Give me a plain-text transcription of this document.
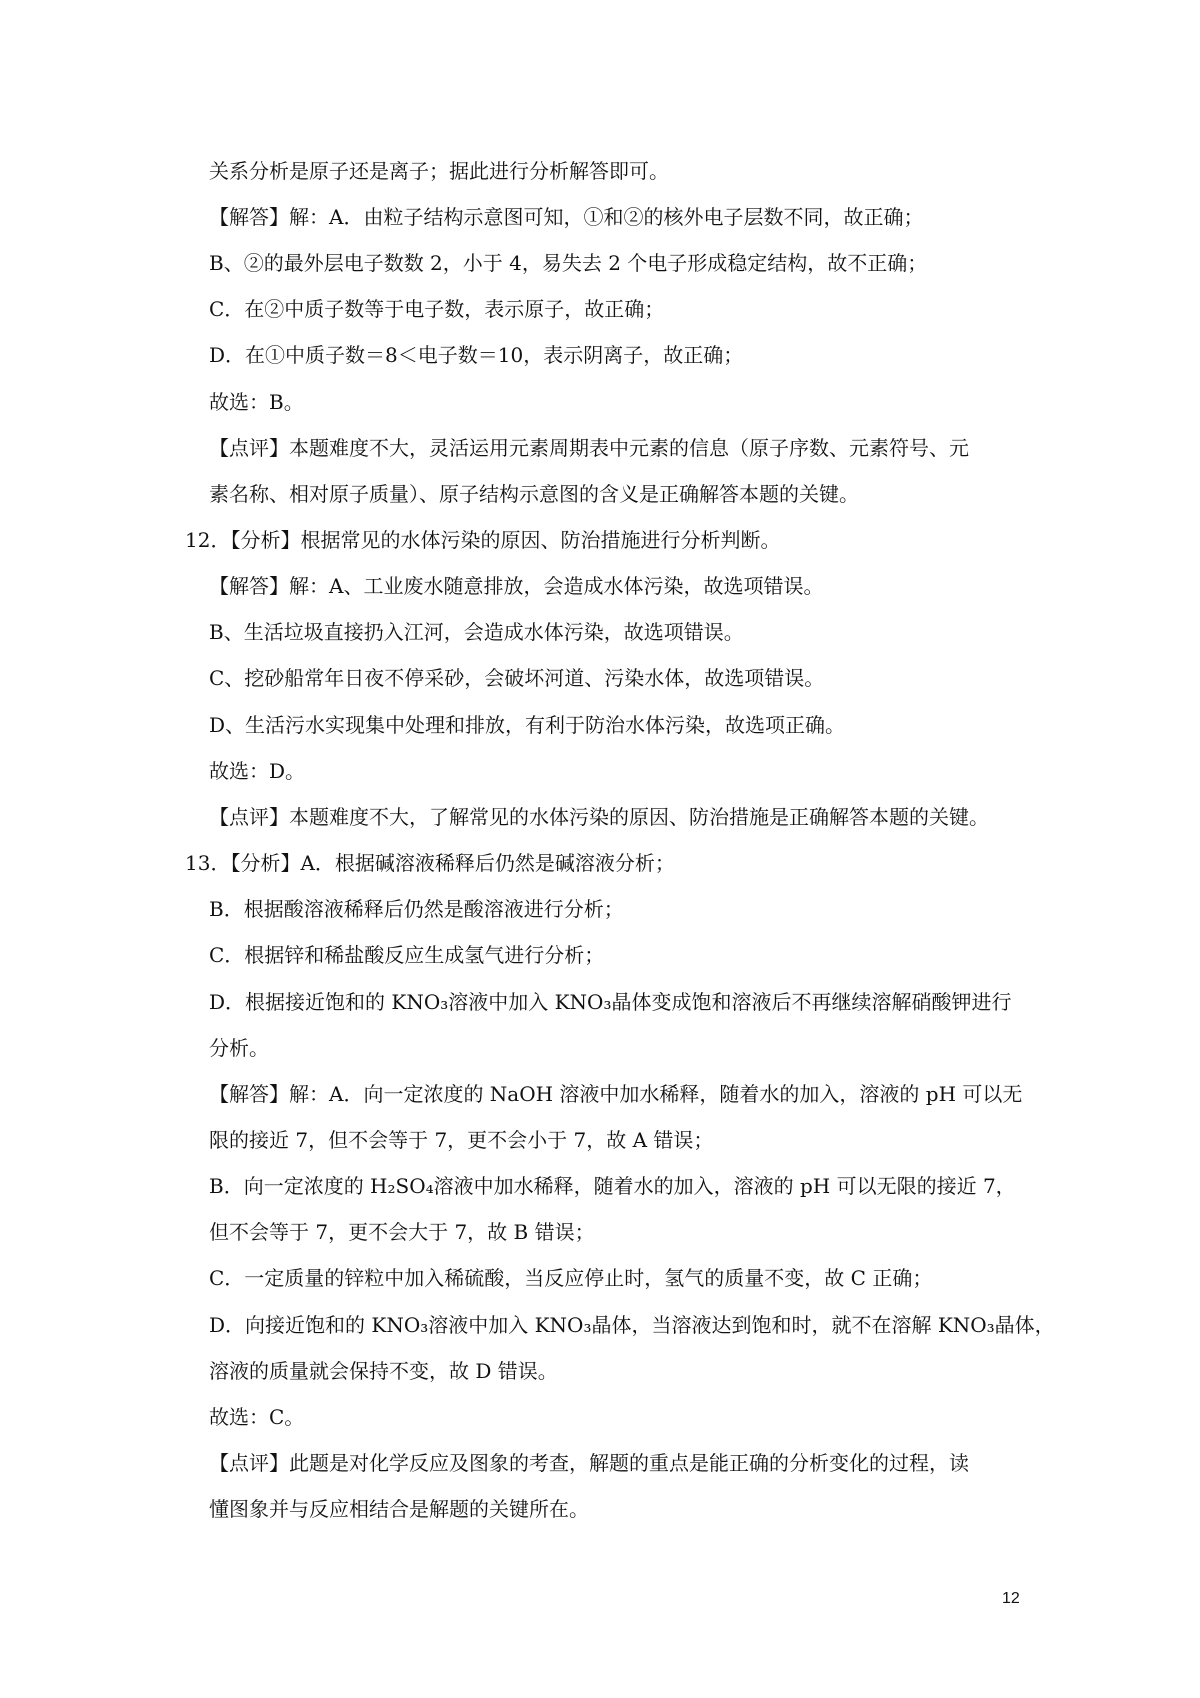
关系分析是原子还是离子；据此进行分析解答即可。
【解答】解：A．由粒子结构示意图可知，①和②的核外电子层数不同，故正确；
B、②的最外层电子数数 2，小于 4，易失去 2 个电子形成稳定结构，故不正确；
C．在②中质子数等于电子数，表示原子，故正确；
D．在①中质子数＝8＜电子数＝10，表示阴离子，故正确；
故选：B。
【点评】本题难度不大，灵活运用元素周期表中元素的信息（原子序数、元素符号、元
素名称、相对原子质量）、原子结构示意图的含义是正确解答本题的关键。
12．【分析】根据常见的水体污染的原因、防治措施进行分析判断。
【解答】解：A、工业废水随意排放，会造成水体污染，故选项错误。
B、生活垃圾直接扔入江河，会造成水体污染，故选项错误。
C、挖砂船常年日夜不停采砂，会破坏河道、污染水体，故选项错误。
D、生活污水实现集中处理和排放，有利于防治水体污染，故选项正确。
故选：D。
【点评】本题难度不大，了解常见的水体污染的原因、防治措施是正确解答本题的关键。
13．【分析】A．根据碱溶液稀释后仍然是碱溶液分析；
B．根据酸溶液稀释后仍然是酸溶液进行分析；
C．根据锌和稀盐酸反应生成氢气进行分析；
D．根据接近饱和的 KNO₃溶液中加入 KNO₃晶体变成饱和溶液后不再继续溶解硝酸钾进行
分析。
【解答】解：A．向一定浓度的 NaOH 溶液中加水稀释，随着水的加入，溶液的 pH 可以无
限的接近 7，但不会等于 7，更不会小于 7，故 A 错误；
B．向一定浓度的 H₂SO₄溶液中加水稀释，随着水的加入，溶液的 pH 可以无限的接近 7，
但不会等于 7，更不会大于 7，故 B 错误；
C．一定质量的锌粒中加入稀硫酸，当反应停止时，氢气的质量不变，故 C 正确；
D．向接近饱和的 KNO₃溶液中加入 KNO₃晶体，当溶液达到饱和时，就不在溶解 KNO₃晶体，
溶液的质量就会保持不变，故 D 错误。
故选：C。
【点评】此题是对化学反应及图象的考查，解题的重点是能正确的分析变化的过程，读
懂图象并与反应相结合是解题的关键所在。
12
